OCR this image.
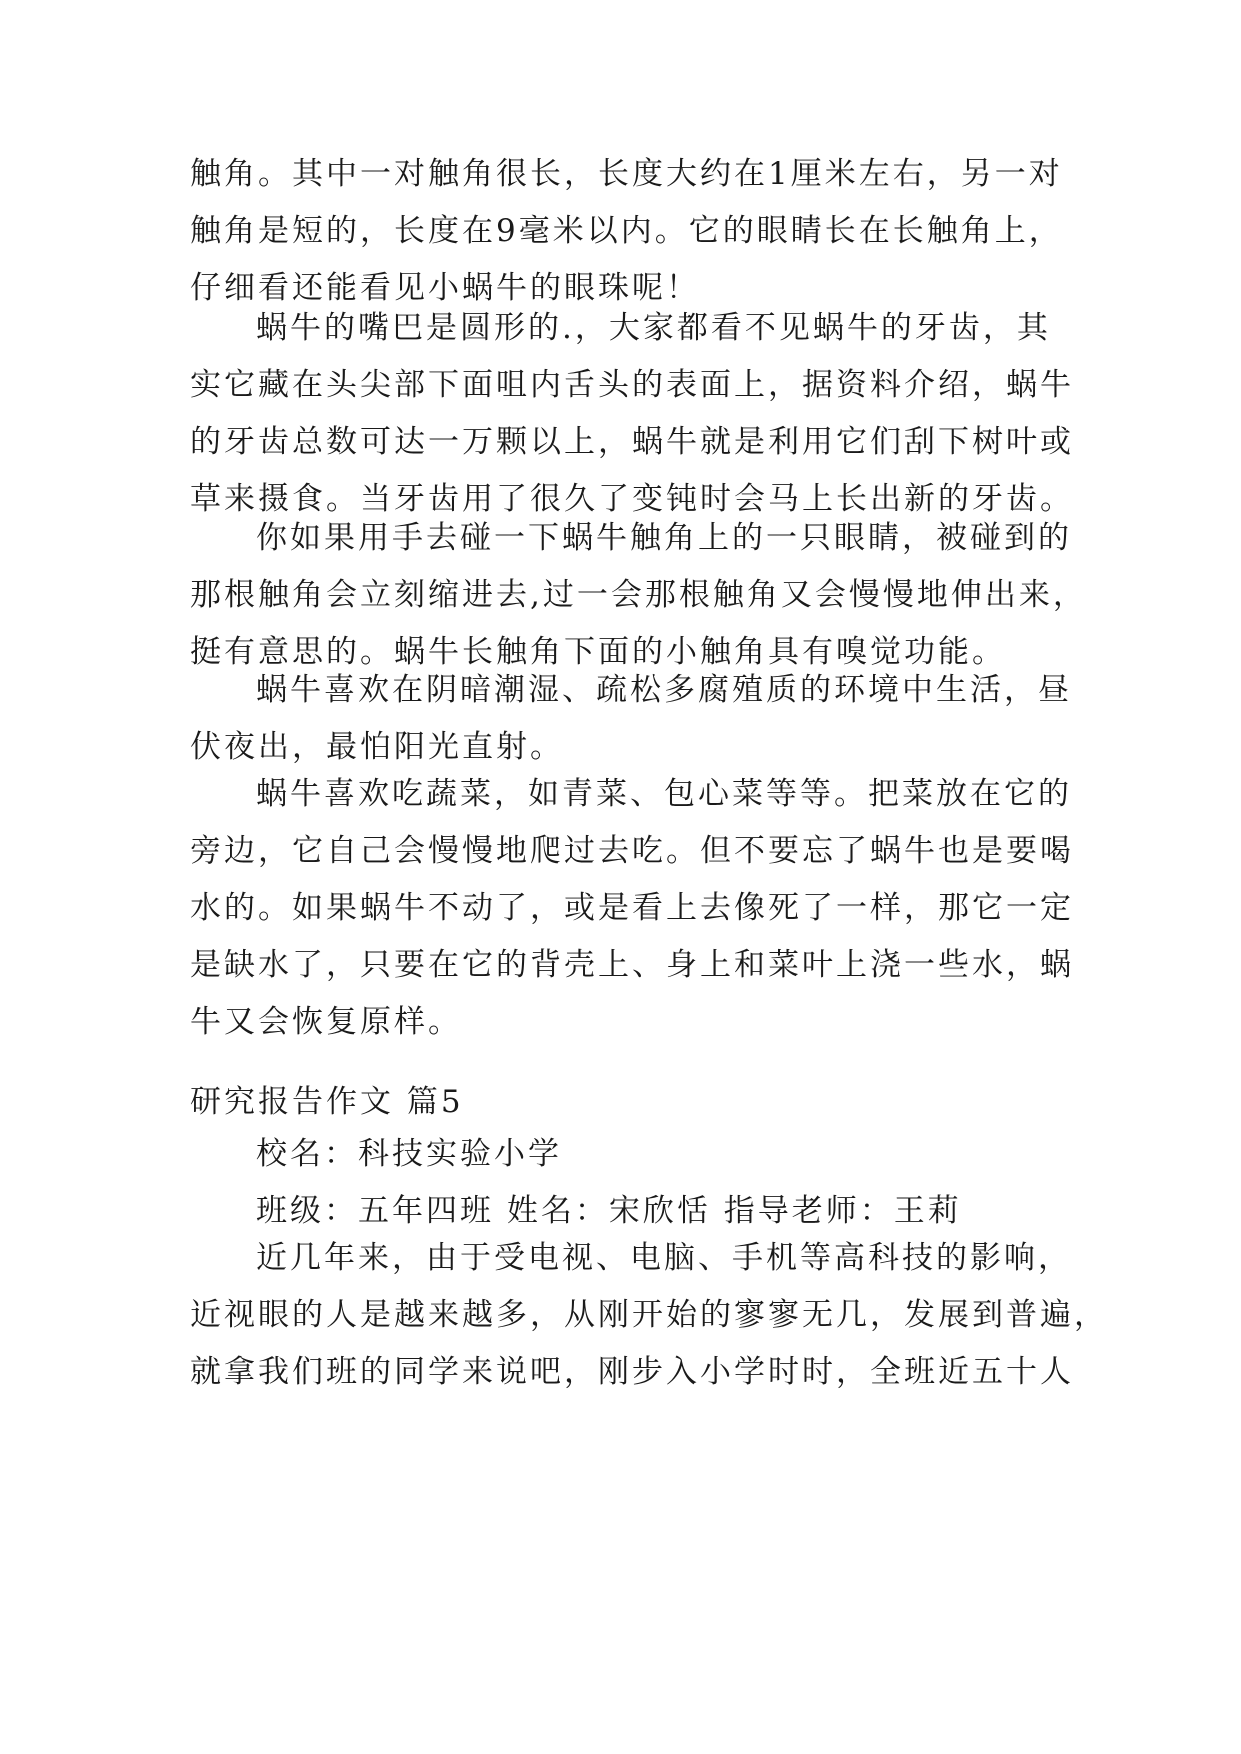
触角。其中一对触角很长，长度大约在1厘米左右，另一对
触角是短的，长度在9毫米以内。它的眼睛长在长触角上，
仔细看还能看见小蜗牛的眼珠呢！
蜗牛的嘴巴是圆形的.，大家都看不见蜗牛的牙齿，其
实它藏在头尖部下面咀内舌头的表面上，据资料介绍，蜗牛
的牙齿总数可达一万颗以上，蜗牛就是利用它们刮下树叶或
草来摄食。当牙齿用了很久了变钝时会马上长出新的牙齿。
你如果用手去碰一下蜗牛触角上的一只眼睛，被碰到的
那根触角会立刻缩进去,过一会那根触角又会慢慢地伸出来，
挺有意思的。蜗牛长触角下面的小触角具有嗅觉功能。
蜗牛喜欢在阴暗潮湿、疏松多腐殖质的环境中生活，昼
伏夜出，最怕阳光直射。
蜗牛喜欢吃蔬菜，如青菜、包心菜等等。把菜放在它的
旁边，它自己会慢慢地爬过去吃。但不要忘了蜗牛也是要喝
水的。如果蜗牛不动了，或是看上去像死了一样，那它一定
是缺水了，只要在它的背壳上、身上和菜叶上浇一些水，蜗
牛又会恢复原样。
研究报告作文 篇5
校名：科技实验小学
班级：五年四班 姓名：宋欣恬 指导老师：王莉
近几年来，由于受电视、电脑、手机等高科技的影响，
近视眼的人是越来越多，从刚开始的寥寥无几，发展到普遍，
就拿我们班的同学来说吧，刚步入小学时时，全班近五十人
